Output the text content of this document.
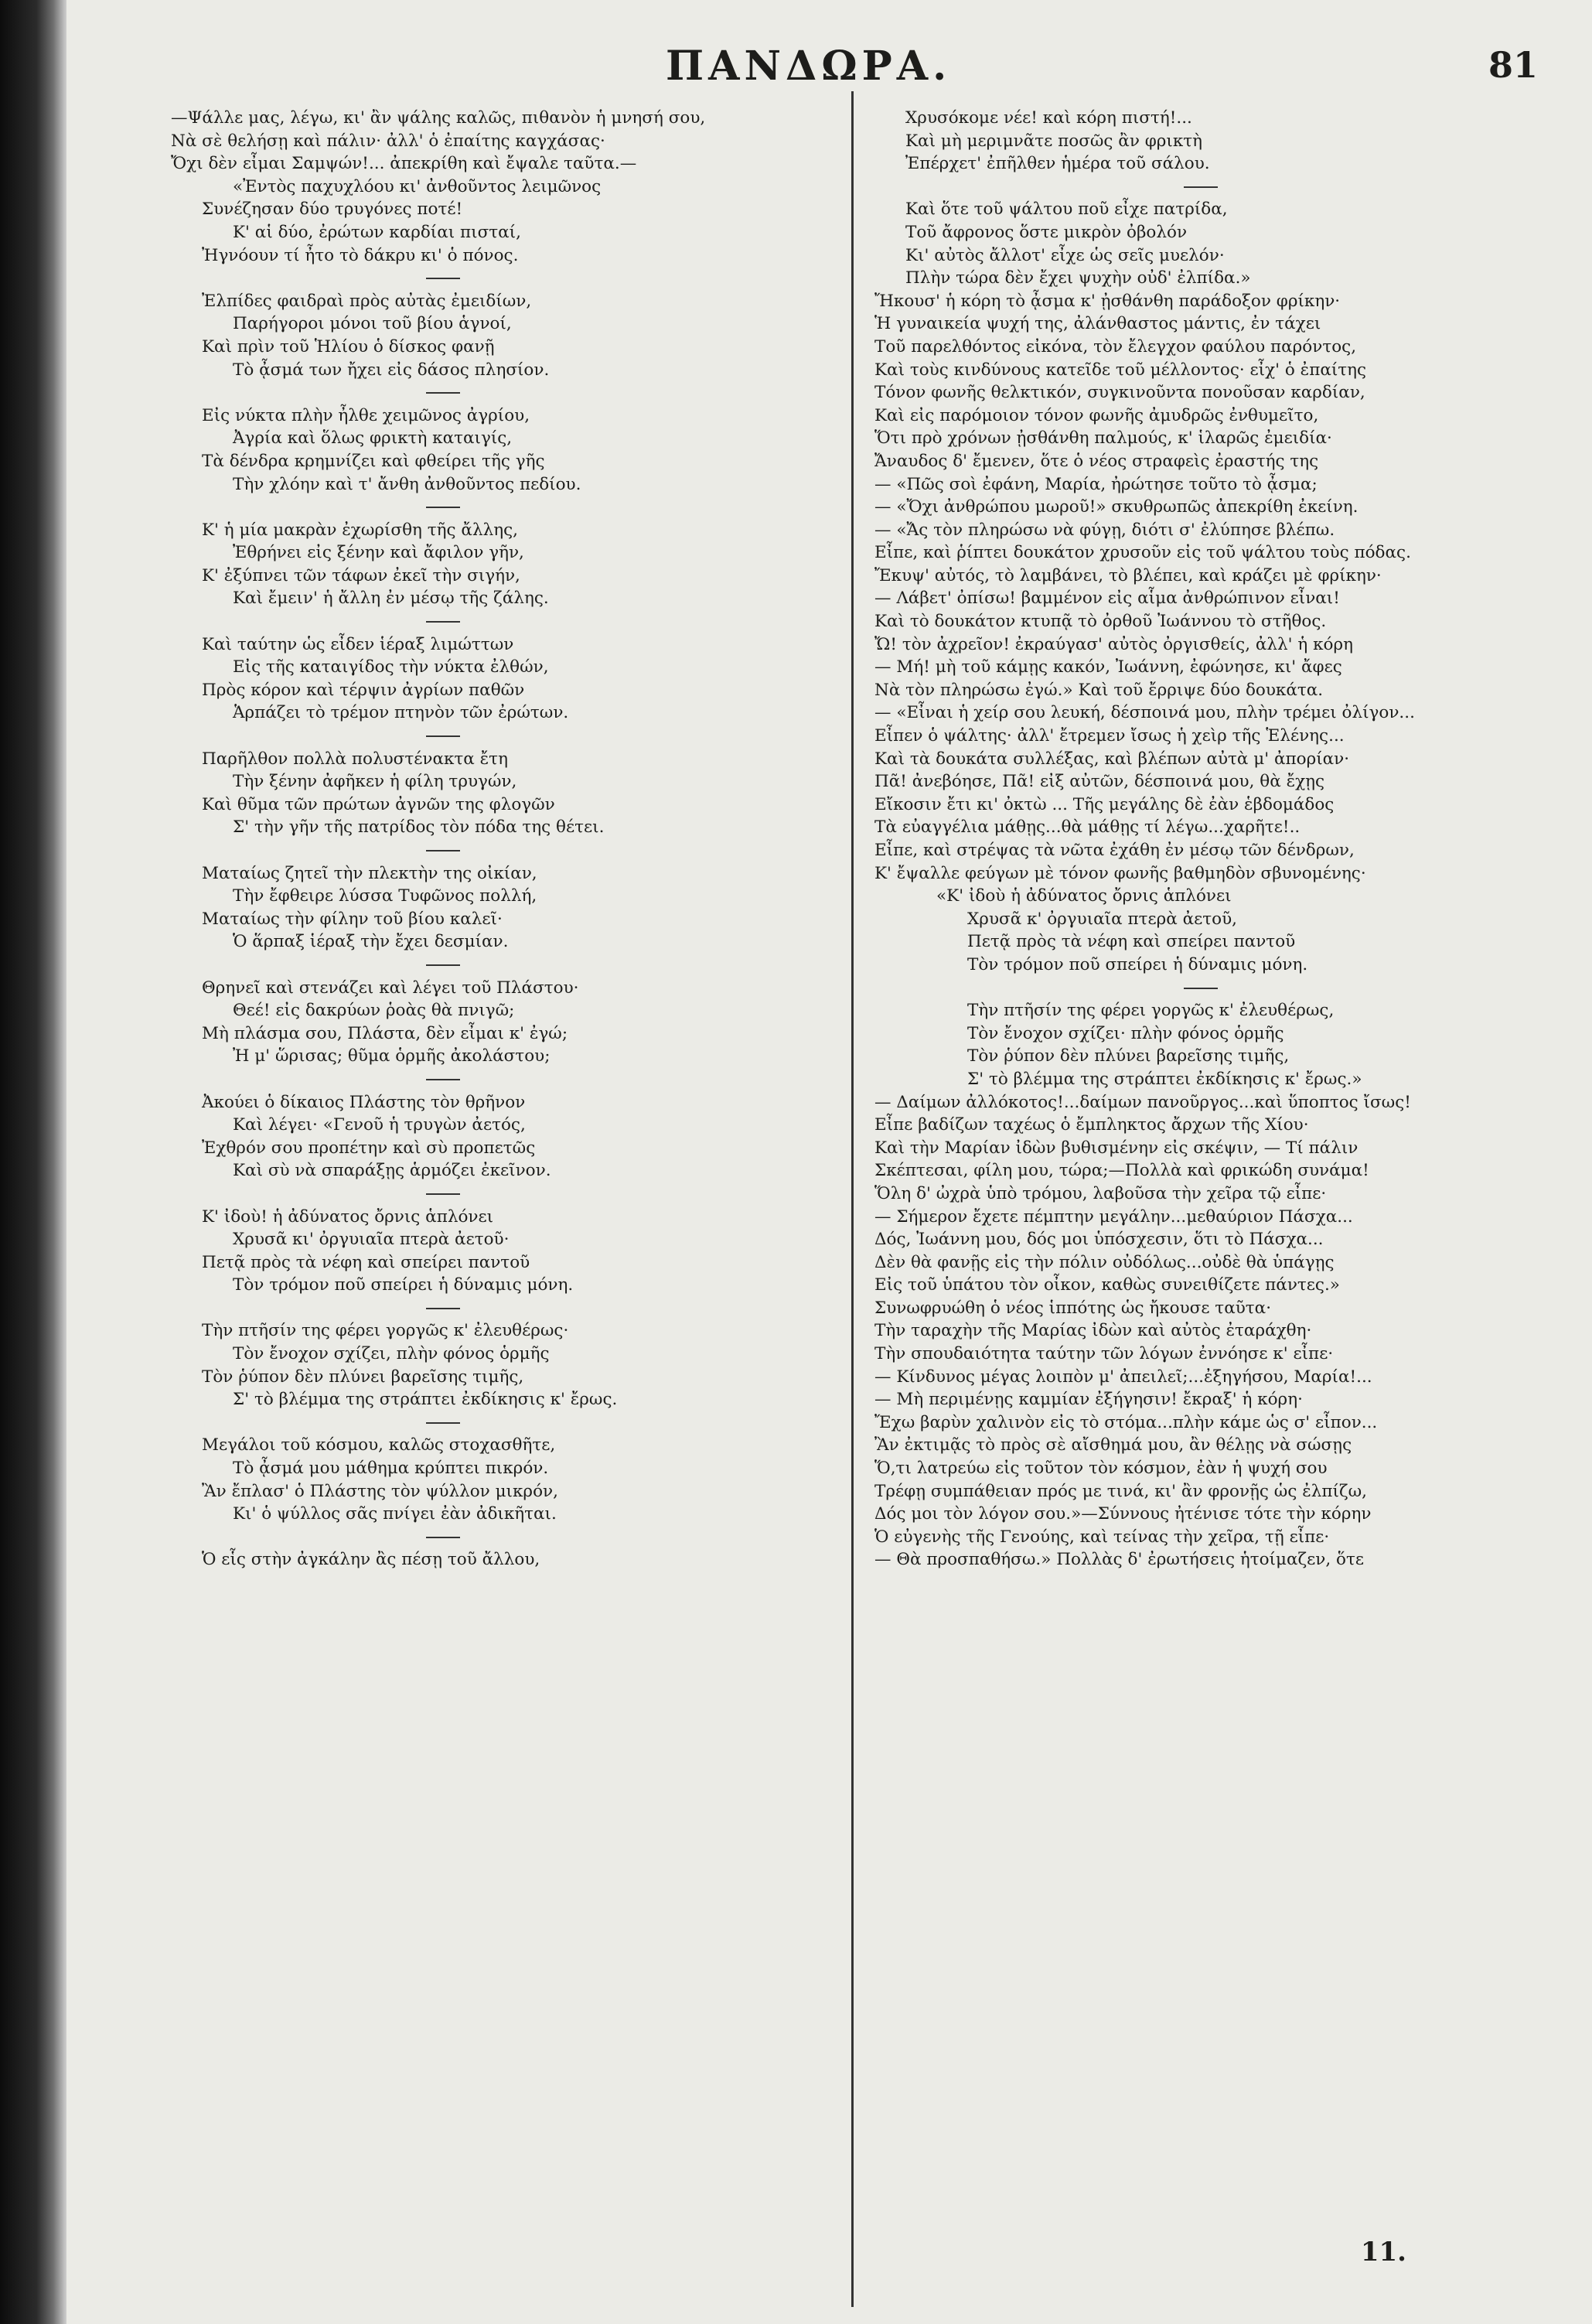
ΠΑΝΔΩΡΑ.	81
—Ψάλλε μας, λέγω, κι' ἂν ψάλης καλῶς, πιθανὸν ἡ μνησή σου,
Νὰ σὲ θελήσῃ καὶ πάλιν· ἀλλ' ὁ ἐπαίτης καγχάσας·
Ὄχι δὲν εἶμαι Σαμψών!... ἀπεκρίθη καὶ ἔψαλε ταῦτα.—
«Ἐντὸς παχυχλόου κι' ἀνθοῦντος λειμῶνος
Συνέζησαν δύο τρυγόνες ποτέ!
Κ' αἱ δύο, ἐρώτων καρδίαι πισταί,
Ἠγνόουν τί ἦτο τὸ δάκρυ κι' ὁ πόνος.
Ἐλπίδες φαιδραὶ πρὸς αὐτὰς ἐμειδίων,
Παρήγοροι μόνοι τοῦ βίου ἁγνοί,
Καὶ πρὶν τοῦ Ἡλίου ὁ δίσκος φανῇ
Τὸ ᾆσμά των ἤχει εἰς δάσος πλησίον.
Εἰς νύκτα πλὴν ἦλθε χειμῶνος ἀγρίου,
Ἀγρία καὶ ὅλως φρικτὴ καταιγίς,
Τὰ δένδρα κρημνίζει καὶ φθείρει τῆς γῆς
Τὴν χλόην καὶ τ' ἄνθη ἀνθοῦντος πεδίου.
Κ' ἡ μία μακρὰν ἐχωρίσθη τῆς ἄλλης,
Ἐθρήνει εἰς ξένην καὶ ἄφιλον γῆν,
Κ' ἐξύπνει τῶν τάφων ἐκεῖ τὴν σιγήν,
Καὶ ἔμειν' ἡ ἄλλη ἐν μέσῳ τῆς ζάλης.
Καὶ ταύτην ὡς εἶδεν ἱέραξ λιμώττων
Εἰς τῆς καταιγίδος τὴν νύκτα ἐλθών,
Πρὸς κόρον καὶ τέρψιν ἀγρίων παθῶν
Ἁρπάζει τὸ τρέμον πτηνὸν τῶν ἐρώτων.
Παρῆλθον πολλὰ πολυστένακτα ἔτη
Τὴν ξένην ἀφῆκεν ἡ φίλη τρυγών,
Καὶ θῦμα τῶν πρώτων ἀγνῶν της φλογῶν
Σ' τὴν γῆν τῆς πατρίδος τὸν πόδα της θέτει.
Ματαίως ζητεῖ τὴν πλεκτὴν της οἰκίαν,
Τὴν ἔφθειρε λύσσα Τυφῶνος πολλή,
Ματαίως τὴν φίλην τοῦ βίου καλεῖ·
Ὁ ἅρπαξ ἱέραξ τὴν ἔχει δεσμίαν.
Θρηνεῖ καὶ στενάζει καὶ λέγει τοῦ Πλάστου·
Θεέ! εἰς δακρύων ῥοὰς θὰ πνιγῶ;
Μὴ πλάσμα σου, Πλάστα, δὲν εἶμαι κ' ἐγώ;
Ἠ μ' ὥρισας; θῦμα ὁρμῆς ἀκολάστου;
Ἀκούει ὁ δίκαιος Πλάστης τὸν θρῆνον
Καὶ λέγει· «Γενοῦ ἡ τρυγὼν ἀετός,
Ἐχθρόν σου προπέτην καὶ σὺ προπετῶς
Καὶ σὺ νὰ σπαράξῃς ἁρμόζει ἐκεῖνον.
Κ' ἰδοὺ! ἡ ἀδύνατος ὄρνις ἁπλόνει
Χρυσᾶ κι' ὀργυιαῖα πτερὰ ἀετοῦ·
Πετᾷ πρὸς τὰ νέφη καὶ σπείρει παντοῦ
Τὸν τρόμον ποῦ σπείρει ἡ δύναμις μόνη.
Τὴν πτῆσίν της φέρει γοργῶς κ' ἐλευθέρως·
Τὸν ἔνοχον σχίζει, πλὴν φόνος ὁρμῆς
Τὸν ῥύπον δὲν πλύνει βαρεῖσης τιμῆς,
Σ' τὸ βλέμμα της στράπτει ἐκδίκησις κ' ἔρως.
Μεγάλοι τοῦ κόσμου, καλῶς στοχασθῆτε,
Τὸ ᾆσμά μου μάθημα κρύπτει πικρόν.
Ἂν ἔπλασ' ὁ Πλάστης τὸν ψύλλον μικρόν,
Κι' ὁ ψύλλος σᾶς πνίγει ἐὰν ἀδικῆται.
Ὁ εἷς στὴν ἀγκάλην ἂς πέσῃ τοῦ ἄλλου,
Χρυσόκομε νέε! καὶ κόρη πιστή!...
Καὶ μὴ μεριμνᾶτε ποσῶς ἂν φρικτὴ
Ἐπέρχετ' ἐπῆλθεν ἡμέρα τοῦ σάλου.
Καὶ ὅτε τοῦ ψάλτου ποῦ εἶχε πατρίδα,
Τοῦ ἄφρονος ὅστε μικρὸν ὀβολόν
Κι' αὐτὸς ἄλλοτ' εἶχε ὡς σεῖς μυελόν·
Πλὴν τώρα δὲν ἔχει ψυχὴν οὐδ' ἐλπίδα.»
Ἤκουσ' ἡ κόρη τὸ ᾆσμα κ' ᾐσθάνθη παράδοξον φρίκην·
Ἡ γυναικεία ψυχή της, ἀλάνθαστος μάντις, ἐν τάχει
Τοῦ παρελθόντος εἰκόνα, τὸν ἔλεγχον φαύλου παρόντος,
Καὶ τοὺς κινδύνους κατεῖδε τοῦ μέλλοντος· εἶχ' ὁ ἐπαίτης
Τόνον φωνῆς θελκτικόν, συγκινοῦντα πονοῦσαν καρδίαν,
Καὶ εἰς παρόμοιον τόνον φωνῆς ἀμυδρῶς ἐνθυμεῖτο,
Ὅτι πρὸ χρόνων ᾐσθάνθη παλμούς, κ' ἱλαρῶς ἐμειδία·
Ἄναυδος δ' ἔμενεν, ὅτε ὁ νέος στραφεὶς ἐραστής της
— «Πῶς σοὶ ἐφάνη, Μαρία, ἠρώτησε τοῦτο τὸ ᾆσμα;
— «Ὄχι ἀνθρώπου μωροῦ!» σκυθρωπῶς ἀπεκρίθη ἐκείνη.
— «Ἄς τὸν πληρώσω νὰ φύγῃ, διότι σ' ἐλύπησε βλέπω.
Εἶπε, καὶ ῥίπτει δουκάτον χρυσοῦν εἰς τοῦ ψάλτου τοὺς πόδας.
Ἔκυψ' αὐτός, τὸ λαμβάνει, τὸ βλέπει, καὶ κράζει μὲ φρίκην·
— Λάβετ' ὀπίσω! βαμμένον εἰς αἷμα ἀνθρώπινον εἶναι!
Καὶ τὸ δουκάτον κτυπᾷ τὸ ὀρθοῦ Ἰωάννου τὸ στῆθος.
Ὤ! τὸν ἀχρεῖον! ἐκραύγασ' αὐτὸς ὀργισθείς, ἀλλ' ἡ κόρη
— Μή! μὴ τοῦ κάμῃς κακόν, Ἰωάννη, ἐφώνησε, κι' ἄφες
Νὰ τὸν πληρώσω ἐγώ.» Καὶ τοῦ ἔρριψε δύο δουκάτα.
— «Εἶναι ἡ χείρ σου λευκή, δέσποινά μου, πλὴν τρέμει ὀλίγον...
Εἶπεν ὁ ψάλτης· ἀλλ' ἔτρεμεν ἴσως ἡ χεὶρ τῆς Ἑλένης...
Καὶ τὰ δουκάτα συλλέξας, καὶ βλέπων αὐτὰ μ' ἀπορίαν·
Πᾶ! ἀνεβόησε, Πᾶ! εἰξ αὐτῶν, δέσποινά μου, θὰ ἔχῃς
Εἴκοσιν ἔτι κι' ὀκτὼ ... Τῆς μεγάλης δὲ ἐὰν ἑβδομάδος
Τὰ εὐαγγέλια μάθῃς...θὰ μάθῃς τί λέγω...χαρῆτε!..
Εἶπε, καὶ στρέψας τὰ νῶτα ἐχάθη ἐν μέσῳ τῶν δένδρων,
Κ' ἔψαλλε φεύγων μὲ τόνον φωνῆς βαθμηδὸν σβυνομένης·
«Κ' ἰδοὺ ἡ ἀδύνατος ὄρνις ἁπλόνει
Χρυσᾶ κ' ὀργυιαῖα πτερὰ ἀετοῦ,
Πετᾷ πρὸς τὰ νέφη καὶ σπείρει παντοῦ
Τὸν τρόμον ποῦ σπείρει ἡ δύναμις μόνη.
Τὴν πτῆσίν της φέρει γοργῶς κ' ἐλευθέρως,
Τὸν ἔνοχον σχίζει· πλὴν φόνος ὁρμῆς
Τὸν ῥύπον δὲν πλύνει βαρεῖσης τιμῆς,
Σ' τὸ βλέμμα της στράπτει ἐκδίκησις κ' ἔρως.»
— Δαίμων ἀλλόκοτος!...δαίμων πανοῦργος...καὶ ὕποπτος ἴσως!
Εἶπε βαδίζων ταχέως ὁ ἔμπληκτος ἄρχων τῆς Χίου·
Καὶ τὴν Μαρίαν ἰδὼν βυθισμένην εἰς σκέψιν, — Τί πάλιν
Σκέπτεσαι, φίλη μου, τώρα;—Πολλὰ καὶ φρικώδη συνάμα!
Ὅλη δ' ὠχρὰ ὑπὸ τρόμου, λαβοῦσα τὴν χεῖρα τῷ εἶπε·
— Σήμερον ἔχετε πέμπτην μεγάλην...μεθαύριον Πάσχα...
Δός, Ἰωάννη μου, δός μοι ὑπόσχεσιν, ὅτι τὸ Πάσχα...
Δὲν θὰ φανῇς εἰς τὴν πόλιν οὐδόλως...οὐδὲ θὰ ὑπάγῃς
Εἰς τοῦ ὑπάτου τὸν οἶκον, καθὼς συνειθίζετε πάντες.»
Συνωφρυώθη ὁ νέος ἱππότης ὡς ἤκουσε ταῦτα·
Τὴν ταραχὴν τῆς Μαρίας ἰδὼν καὶ αὐτὸς ἐταράχθη·
Τὴν σπουδαιότητα ταύτην τῶν λόγων ἐννόησε κ' εἶπε·
— Κίνδυνος μέγας λοιπὸν μ' ἀπειλεῖ;...ἐξηγήσου, Μαρία!...
— Μὴ περιμένῃς καμμίαν ἐξήγησιν! ἔκραξ' ἡ κόρη·
Ἔχω βαρὺν χαλινὸν εἰς τὸ στόμα...πλὴν κάμε ὡς σ' εἶπον...
Ἂν ἐκτιμᾷς τὸ πρὸς σὲ αἴσθημά μου, ἂν θέλῃς νὰ σώσῃς
Ὅ,τι λατρεύω εἰς τοῦτον τὸν κόσμον, ἐὰν ἡ ψυχή σου
Τρέφῃ συμπάθειαν πρός με τινά, κι' ἂν φρονῇς ὡς ἐλπίζω,
Δός μοι τὸν λόγον σου.»—Σύννους ἠτένισε τότε τὴν κόρην
Ὁ εὐγενὴς τῆς Γενούης, καὶ τείνας τὴν χεῖρα, τῇ εἶπε·
— Θὰ προσπαθήσω.» Πολλὰς δ' ἐρωτήσεις ἡτοίμαζεν, ὅτε
11.
